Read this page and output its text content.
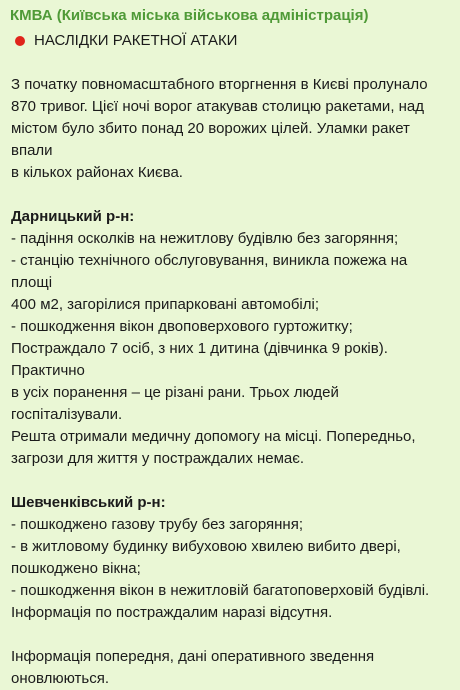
КМВА (Київська міська військова адміністрація)
НАСЛІДКИ РАКЕТНОЇ АТАКИ
З початку повномасштабного вторгнення в Києві пролунало
870 тривог. Цієї ночі ворог атакував столицю ракетами, над
містом було збито понад 20 ворожих цілей. Уламки ракет впали
в кількох районах Києва.
Дарницький р-н:
- падіння осколків на нежитлову будівлю без загоряння;
- станцію технічного обслуговування, виникла пожежа на площі
400 м2, загорілися припарковані автомобілі;
- пошкодження вікон двоповерхового гуртожитку;
Постраждало 7 осіб, з них 1 дитина (дівчинка 9 років). Практично
в усіх поранення – це різані рани. Трьох людей госпіталізували.
Решта отримали медичну допомогу на місці. Попередньо,
загрози для життя у постраждалих немає.
Шевченківський р-н:
- пошкоджено газову трубу без загоряння;
- в житловому будинку вибуховою хвилею вибито двері,
пошкоджено вікна;
- пошкодження вікон в нежитловій багатоповерховій будівлі.
Інформація по постраждалим наразі відсутня.
Інформація попередня, дані оперативного зведення
оновлюються.
